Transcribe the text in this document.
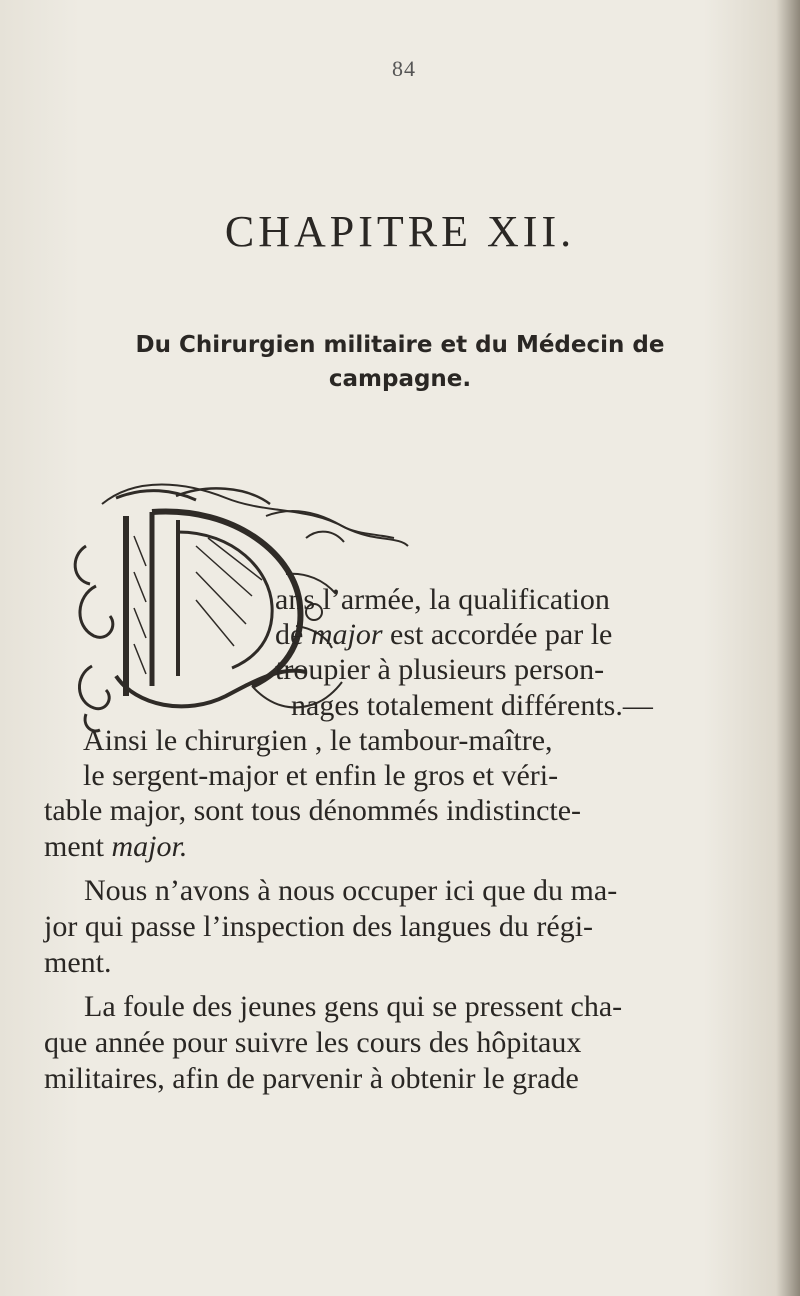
84
CHAPITRE XII.
Du Chirurgien militaire et du Médecin de
campagne.
ans l’armée, la qualification
de major est accordée par le
troupier à plusieurs person-
nages totalement différents.—
Ainsi le chirurgien , le tambour-maître,
le sergent-major et enfin le gros et véri-
table major, sont tous dénommés indistincte-
ment major.
Nous n’avons à nous occuper ici que du ma-
jor qui passe l’inspection des langues du régi-
ment.
La foule des jeunes gens qui se pressent cha-
que année pour suivre les cours des hôpitaux
militaires, afin de parvenir à obtenir le grade
